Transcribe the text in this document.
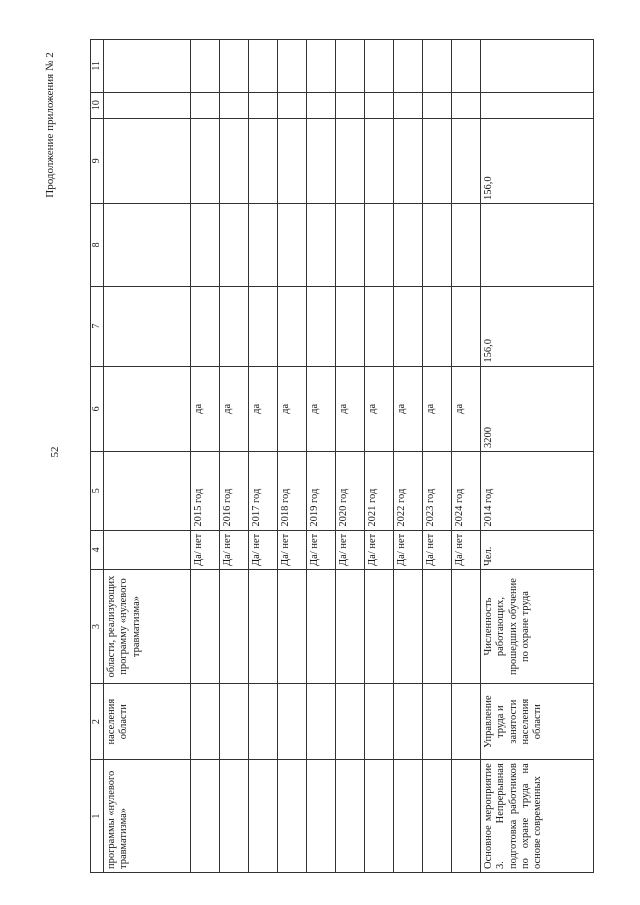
52
Продолжение приложения № 2
1	2	3	4	5	6	7	8	9	10	11
программы «нулевого травматизма»	населения области	области, реализующих программу «нулевого травматизма»								
			Да/ нет	2015 год	да					
			Да/ нет	2016 год	да					
			Да/ нет	2017 год	да					
			Да/ нет	2018 год	да					
			Да/ нет	2019 год	да					
			Да/ нет	2020 год	да					
			Да/ нет	2021 год	да					
			Да/ нет	2022 год	да					
			Да/ нет	2023 год	да					
			Да/ нет	2024 год	да					
Основное мероприятие 3. Непрерывная подготовка работников по охране труда на основе современных	Управление труда и занятости населения области	Численность работающих, прошедших обучение по охране труда	Чел.	2014 год	3200	156,0		156,0		
